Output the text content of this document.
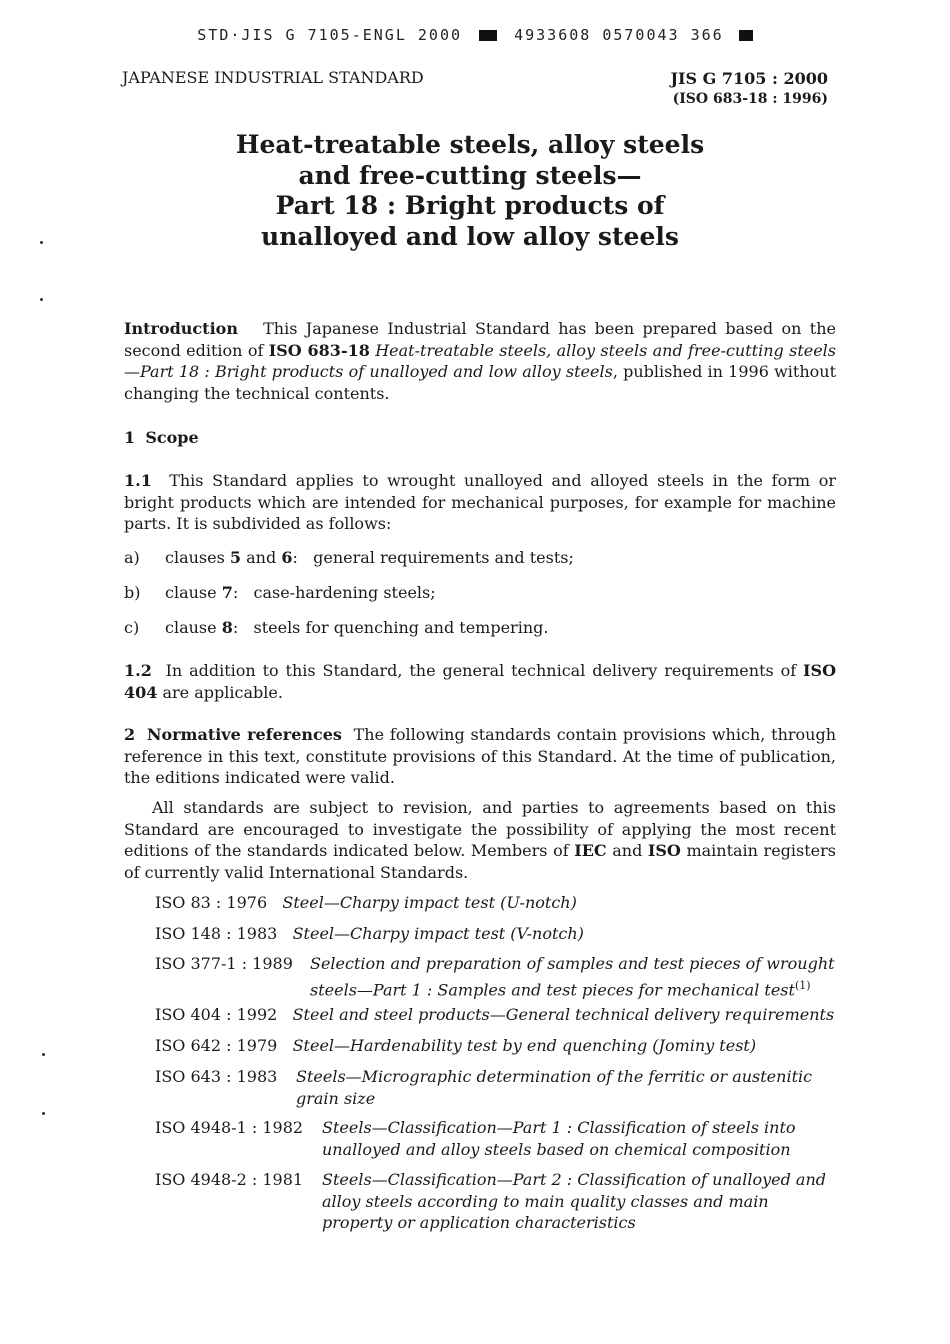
STD·JIS G 7105-ENGL 2000	4933608 0570043 366
JAPANESE INDUSTRIAL STANDARD	JIS G 7105 : 2000
(ISO 683-18 : 1996)
Heat-treatable steels, alloy steels
and free-cutting steels—
Part 18 : Bright products of
unalloyed and low alloy steels
Introduction This Japanese Industrial Standard has been prepared based on the second edition of ISO 683-18 Heat-treatable steels, alloy steels and free-cutting steels—Part 18 : Bright products of unalloyed and low alloy steels, published in 1996 without changing the technical contents.
1 Scope
1.1 This Standard applies to wrought unalloyed and alloyed steels in the form or bright products which are intended for mechanical purposes, for example for machine parts. It is subdivided as follows:
a) clauses 5 and 6: general requirements and tests;
b) clause 7: case-hardening steels;
c) clause 8: steels for quenching and tempering.
1.2 In addition to this Standard, the general technical delivery requirements of ISO 404 are applicable.
2 Normative references The following standards contain provisions which, through reference in this text, constitute provisions of this Standard. At the time of publication, the editions indicated were valid.
All standards are subject to revision, and parties to agreements based on this Standard are encouraged to investigate the possibility of applying the most recent editions of the standards indicated below. Members of IEC and ISO maintain registers of currently valid International Standards.
ISO 83 : 1976 Steel—Charpy impact test (U-notch)
ISO 148 : 1983 Steel—Charpy impact test (V-notch)
ISO 377-1 : 1989	Selection and preparation of samples and test pieces of wrought steels—Part 1 : Samples and test pieces for mechanical test$^{(1)}$
ISO 404 : 1992 Steel and steel products—General technical delivery requirements
ISO 642 : 1979 Steel—Hardenability test by end quenching (Jominy test)
ISO 643 : 1983	Steels—Micrographic determination of the ferritic or austenitic grain size
ISO 4948-1 : 1982	Steels—Classification—Part 1 : Classification of steels into unalloyed and alloy steels based on chemical composition
ISO 4948-2 : 1981	Steels—Classification—Part 2 : Classification of unalloyed and alloy steels according to main quality classes and main property or application characteristics
